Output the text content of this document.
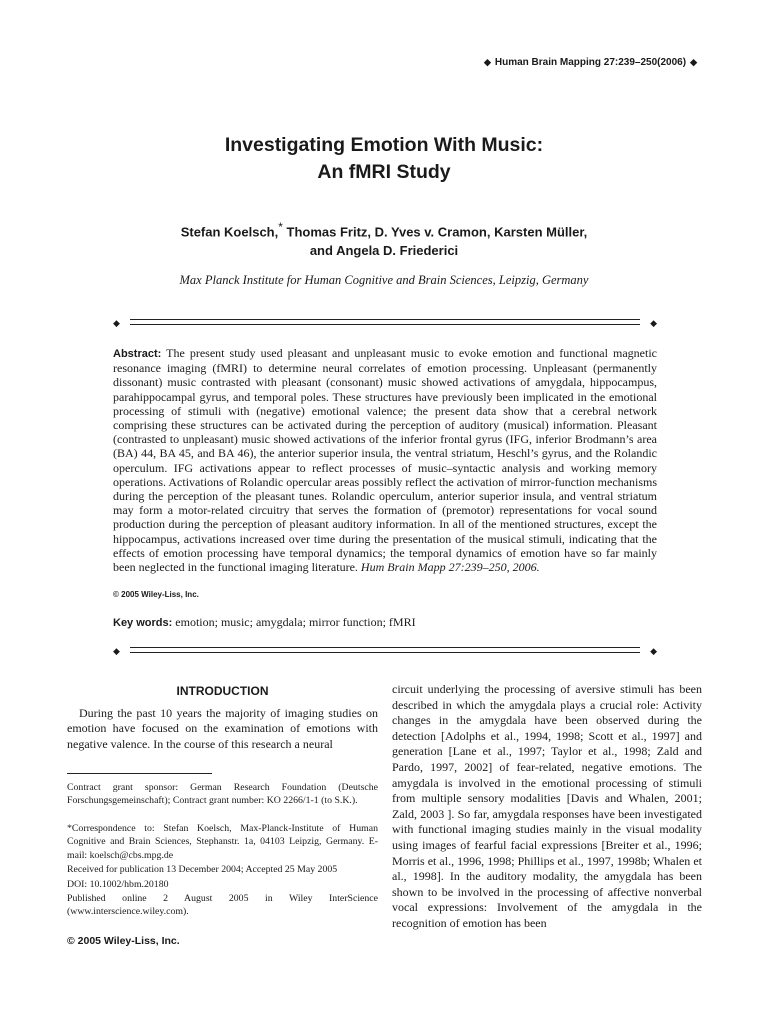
◆ Human Brain Mapping 27:239–250(2006) ◆
Investigating Emotion With Music:
An fMRI Study
Stefan Koelsch,* Thomas Fritz, D. Yves v. Cramon, Karsten Müller,
and Angela D. Friederici
Max Planck Institute for Human Cognitive and Brain Sciences, Leipzig, Germany
◆	◆
Abstract: The present study used pleasant and unpleasant music to evoke emotion and functional magnetic resonance imaging (fMRI) to determine neural correlates of emotion processing. Unpleasant (permanently dissonant) music contrasted with pleasant (consonant) music showed activations of amygdala, hippocampus, parahippocampal gyrus, and temporal poles. These structures have previously been implicated in the emotional processing of stimuli with (negative) emotional valence; the present data show that a cerebral network comprising these structures can be activated during the perception of auditory (musical) information. Pleasant (contrasted to unpleasant) music showed activations of the inferior frontal gyrus (IFG, inferior Brodmann’s area (BA) 44, BA 45, and BA 46), the anterior superior insula, the ventral striatum, Heschl’s gyrus, and the Rolandic operculum. IFG activations appear to reflect processes of music–syntactic analysis and working memory operations. Activations of Rolandic opercular areas possibly reflect the activation of mirror-function mechanisms during the perception of the pleasant tunes. Rolandic operculum, anterior superior insula, and ventral striatum may form a motor-related circuitry that serves the formation of (premotor) representations for vocal sound production during the perception of pleasant auditory information. In all of the mentioned structures, except the hippocampus, activations increased over time during the presentation of the musical stimuli, indicating that the effects of emotion processing have temporal dynamics; the temporal dynamics of emotion have so far mainly been neglected in the functional imaging literature. Hum Brain Mapp 27:239–250, 2006.
© 2005 Wiley-Liss, Inc.
Key words: emotion; music; amygdala; mirror function; fMRI
◆	◆
INTRODUCTION

During the past 10 years the majority of imaging studies on emotion have focused on the examination of emotions with negative valence. In the course of this research a neural

Contract grant sponsor: German Research Foundation (Deutsche Forschungsgemeinschaft); Contract grant number: KO 2266/1-1 (to S.K.).
*Correspondence to: Stefan Koelsch, Max-Planck-Institute of Human Cognitive and Brain Sciences, Stephanstr. 1a, 04103 Leipzig, Germany. E-mail: koelsch@cbs.mpg.de
Received for publication 13 December 2004; Accepted 25 May 2005
DOI: 10.1002/hbm.20180
Published online 2 August 2005 in Wiley InterScience (www.interscience.wiley.com).
© 2005 Wiley-Liss, Inc.

circuit underlying the processing of aversive stimuli has been described in which the amygdala plays a crucial role: Activity changes in the amygdala have been observed during the detection [Adolphs et al., 1994, 1998; Scott et al., 1997] and generation [Lane et al., 1997; Taylor et al., 1998; Zald and Pardo, 1997, 2002] of fear-related, negative emotions. The amygdala is involved in the emotional processing of stimuli from multiple sensory modalities [Davis and Whalen, 2001; Zald, 2003 ]. So far, amygdala responses have been investigated with functional imaging studies mainly in the visual modality using images of fearful facial expressions [Breiter et al., 1996; Morris et al., 1996, 1998; Phillips et al., 1997, 1998b; Whalen et al., 1998]. In the auditory modality, the amygdala has been shown to be involved in the processing of affective nonverbal vocal expressions: Involvement of the amygdala in the recognition of emotion has been
